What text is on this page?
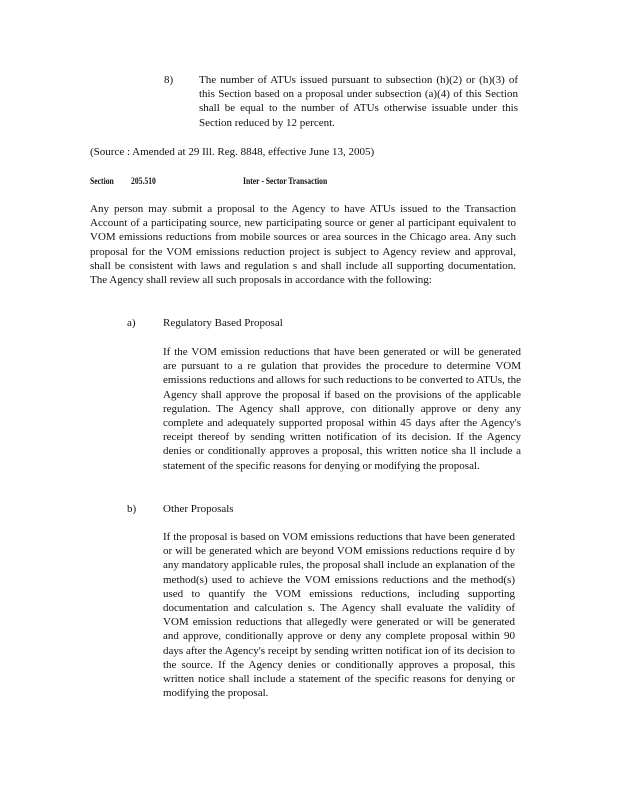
8) The number of ATUs issued pursuant to subsection (h)(2) or (h)(3) of this Section based on a proposal under subsection (a)(4) of this Section shall be equal to the number of ATUs otherwise issuable under this Section reduced by 12 percent.

(Source : Amended at 29 Ill. Reg. 8848, effective June 13, 2005)

Section 205.510	Inter - Sector Transaction

Any person may submit a proposal to the Agency to have ATUs issued to the Transaction Account of a participating source, new participating source or gener al participant equivalent to VOM emissions reductions from mobile sources or area sources in the Chicago area. Any such proposal for the VOM emissions reduction project is subject to Agency review and approval, shall be consistent with laws and regulation s and shall include all supporting documentation. The Agency shall review all such proposals in accordance with the following:

a) Regulatory Based Proposal

If the VOM emission reductions that have been generated or will be generated are pursuant to a re gulation that provides the procedure to determine VOM emissions reductions and allows for such reductions to be converted to ATUs, the Agency shall approve the proposal if based on the provisions of the applicable regulation. The Agency shall approve, con ditionally approve or deny any complete and adequately supported proposal within 45 days after the Agency's receipt thereof by sending written notification of its decision. If the Agency denies or conditionally approves a proposal, this written notice sha ll include a statement of the specific reasons for denying or modifying the proposal.

b) Other Proposals

If the proposal is based on VOM emissions reductions that have been generated or will be generated which are beyond VOM emissions reductions require d by any mandatory applicable rules, the proposal shall include an explanation of the method(s) used to achieve the VOM emissions reductions and the method(s) used to quantify the VOM emissions reductions, including supporting documentation and calculation s. The Agency shall evaluate the validity of VOM emission reductions that allegedly were generated or will be generated and approve, conditionally approve or deny any complete proposal within 90 days after the Agency's receipt by sending written notificat ion of its decision to the source. If the Agency denies or conditionally approves a proposal, this written notice shall include a statement of the specific reasons for denying or modifying the proposal.
